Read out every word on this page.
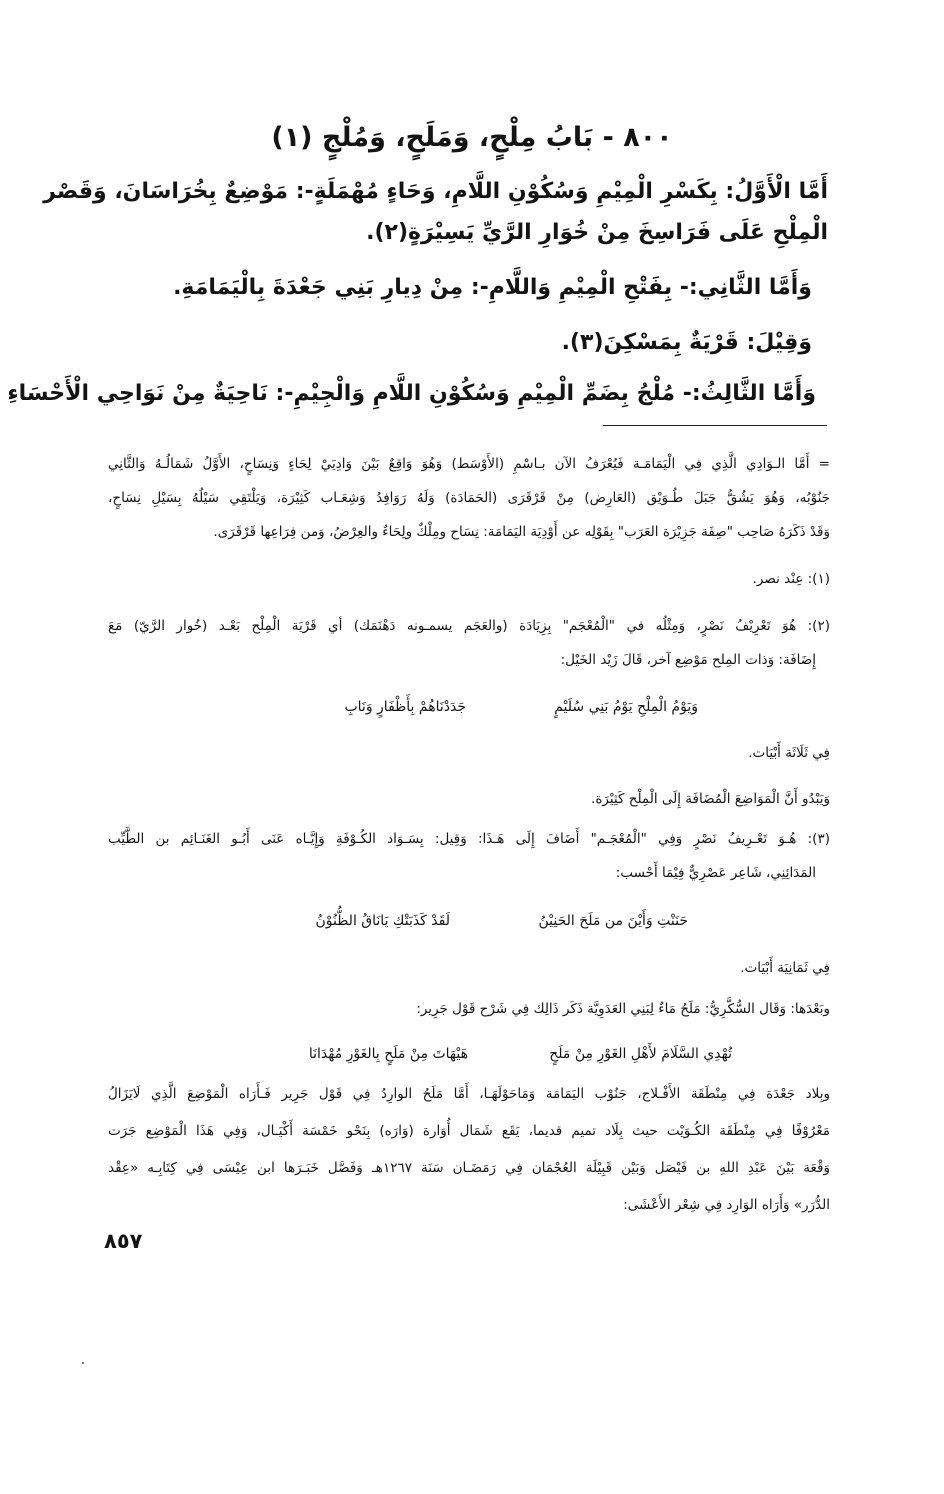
٨٠٠ - بَابُ مِلْحٍ، وَمَلَحٍ، وَمُلْجٍ (١)
أَمَّا الْأَوَّلُ: بِكَسْرِ الْمِيْمِ وَسُكُوْنِ اللَّامِ، وَحَاءٍ مُهْمَلَةٍ-: مَوْضِعٌ بِخُرَاسَانَ، وَقَصْر
الْمِلْحِ عَلَى فَرَاسِخَ مِنْ خُوَارِ الرَّيِّ يَسِيْرَةٍ(٢).
وَأَمَّا الثَّانِي:- بِفَتْحِ الْمِيْمِ وَاللَّامِ-: مِنْ دِيارِ بَنِي جَعْدَةَ بِالْيَمَامَةِ.
وَقِيْلَ: قَرْيَةٌ بِمَسْكِنَ(٣).
وَأَمَّا الثَّالِثُ:- مُلْجُ بِضَمِّ الْمِيْمِ وَسُكُوْنِ اللَّامِ وَالْجِيْمِ-: نَاحِيَةٌ مِنْ نَوَاحِي الْأَحْسَاءِ
= أَمَّا الـوَادِي الَّذِي فِي الْيَمَامَـة فَيُعْرَفُ الآن بـاسْمِ (الأَوْسَط) وَهُوَ وَاقِعٌ بَيْنَ وَادِيَيْ لِحَاءٍ وَنِسَاحٍ، الأَوَّلُ شَمَالُـهُ وَالثَّانِي
جَنُوْبُه، وَهُوَ يَشُقُّ جَبَلَ طُـوَيْق (العَارِض) مِنْ قَرْقَرَى (الحَمَادَة) وَلَهُ رَوَافِدُ وَشِعَـاب كَثِيْرَة، وَيَلْتَقِي سَيْلُهُ بِسَيْلِ نِسَاحٍ،
وَقَدْ ذَكَرَهُ صَاحِب "صِفَة جَزِيْرَة العَرَب" بِقَوْلِه عن أَوْدِيَة اليَمَامَة: نِسَاح ومِلْكٌ ولِحَاءٌ والعِرْضُ، وَمن فِرَاعِها قَرْقَرَى.
(١): عِنْد نصر.
(٢): هُوَ تَعْرِيْفُ نَصْرٍ، وَمِثْلُه في "الْمُعْجَم" بِزِيَادَة (والعَجَم يسمـونه دَهْنَمَك) أي قَرْيَة الْمِلْح بَعْـد (خُوار الرَّيّ) مَعَ
إِضَافَة: وَذات المِلح مَوْضِع آخر، قَالَ زَيْد الخَيْل:
وَيَوْمُ الْمِلْحِ يَوْمُ بَنِي سُلَيْمٍ
جَدَدْنَاهُمْ بِأَظْفَارٍ وَنَابِ
فِي ثَلَاثَة أَبْيَات.
وَيَبْدُو أَنَّ الْمَوَاضِعَ الْمُضَافَة إِلَى الْمِلْح كَثِيْرَة.
(٣): هُـوَ تَعْـرِيفُ نَصْرٍ وَفِي "الْمُعْجَـم" أَضَافَ إِلَى هَـذَا: وَقِيل: بِسَـوَاد الكُـوْفَةِ وَإِيَّـاه عَنَى أَبُـو الغَنَـائِم بن الطَّيِّب
المَدَائِنِي، شَاعِر عَصْرِيٌّ فِيْمَا أَحْسب:
لَقَدْ كَذَبَتْكِ يَانَاقُ الظُّنُوْنُ	حَنَنْتِ وَأَيْنَ من مَلَحَ الحَنِيْنُ
فِي ثَمَانِيَة أَبْيَات.
وبَعْدَها: وَقَال السُّكَّرِيُّ: مَلَحُ مَاءٌ لِبَنِي العَدَوِيَّة ذَكَر ذَالِك فِي شَرْح قَوْل جَرِير:
تُهْدِي السَّلَامَ لأَهْلِ الغَوْرِ مِنْ مَلَحٍ
هَيْهَاتَ مِنْ مَلَحٍ بِالغَوْرِ مُهْدَانَا
وبِلاد جَعْدَة فِي مِنْطَقَة الأَفْـلاج، جَنُوْب اليَمَامَة وَمَاحَوْلَهَـا، أَمَّا مَلَحُ الوارِدُ فِي قَوْل جَرِير فَـأَرَاه الْمَوْضِعَ الَّذِي لَايَزَالُ
مَعْرُوْفًا فِي مِنْطَقَة الكُـوَيْت حيث بِلَاد تميم قديما، يَقَع شَمَال أُوَارة (وَارَه) بِنَحْو خَمْسَة أَكْيَـال، وَفِي هَذَا الْمَوْضِع جَرَت
وَقْعَة بَيْنَ عَبْدِ اللهِ بن فَيْصَل وَبَيْن قَبِيْلَة العُجْمَان فِي رَمَضَـان سَنَة ١٢٦٧هـ وَفَصَّل خَبَـرَها ابن عِيْسَى فِي كِتَابِـه «عِقْد
الدُّرَر» وَأَرَاه الوَارِد فِي شِعْر الأَعْشَى:
٨٥٧
